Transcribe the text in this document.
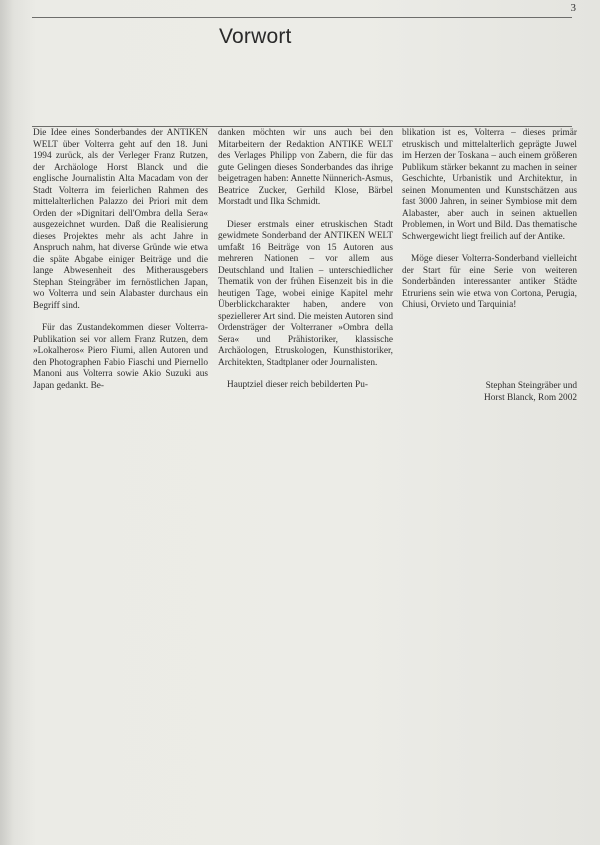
3
Vorwort

Die Idee eines Sonderbandes der ANTIKEN WELT über Volterra geht auf den 18. Juni 1994 zurück, als der Verleger Franz Rutzen, der Archäologe Horst Blanck und die englische Journalistin Alta Macadam von der Stadt Volterra im feierlichen Rahmen des mittelalterlichen Palazzo dei Priori mit dem Orden der »Dignitari dell'Ombra della Sera« ausgezeichnet wurden. Daß die Realisierung dieses Projektes mehr als acht Jahre in Anspruch nahm, hat diverse Gründe wie etwa die späte Abgabe einiger Beiträge und die lange Abwesenheit des Mitherausgebers Stephan Steingräber im fernöstlichen Japan, wo Volterra und sein Alabaster durchaus ein Begriff sind.

Für das Zustandekommen dieser Volterra-Publikation sei vor allem Franz Rutzen, dem »Lokalheros« Piero Fiumi, allen Autoren und den Photographen Fabio Fiaschi und Piernello Manoni aus Volterra sowie Akio Suzuki aus Japan gedankt. Be-

danken möchten wir uns auch bei den Mitarbeitern der Redaktion ANTIKE WELT des Verlages Philipp von Zabern, die für das gute Gelingen dieses Sonderbandes das ihrige beigetragen haben: Annette Nünnerich-Asmus, Beatrice Zucker, Gerhild Klose, Bärbel Morstadt und Ilka Schmidt.

Dieser erstmals einer etruskischen Stadt gewidmete Sonderband der ANTIKEN WELT umfaßt 16 Beiträge von 15 Autoren aus mehreren Nationen – vor allem aus Deutschland und Italien – unterschiedlicher Thematik von der frühen Eisenzeit bis in die heutigen Tage, wobei einige Kapitel mehr Überblickcharakter haben, andere von speziellerer Art sind. Die meisten Autoren sind Ordensträger der Volterraner »Ombra della Sera« und Prähistoriker, klassische Archäologen, Etruskologen, Kunsthistoriker, Architekten, Stadtplaner oder Journalisten.

Hauptziel dieser reich bebilderten Pu-

blikation ist es, Volterra – dieses primär etruskisch und mittelalterlich geprägte Juwel im Herzen der Toskana – auch einem größeren Publikum stärker bekannt zu machen in seiner Geschichte, Urbanistik und Architektur, in seinen Monumenten und Kunstschätzen aus fast 3000 Jahren, in seiner Symbiose mit dem Alabaster, aber auch in seinen aktuellen Problemen, in Wort und Bild. Das thematische Schwergewicht liegt freilich auf der Antike.

Möge dieser Volterra-Sonderband vielleicht der Start für eine Serie von weiteren Sonderbänden interessanter antiker Städte Etruriens sein wie etwa von Cortona, Perugia, Chiusi, Orvieto und Tarquinia!

Stephan Steingräber und
Horst Blanck, Rom 2002
